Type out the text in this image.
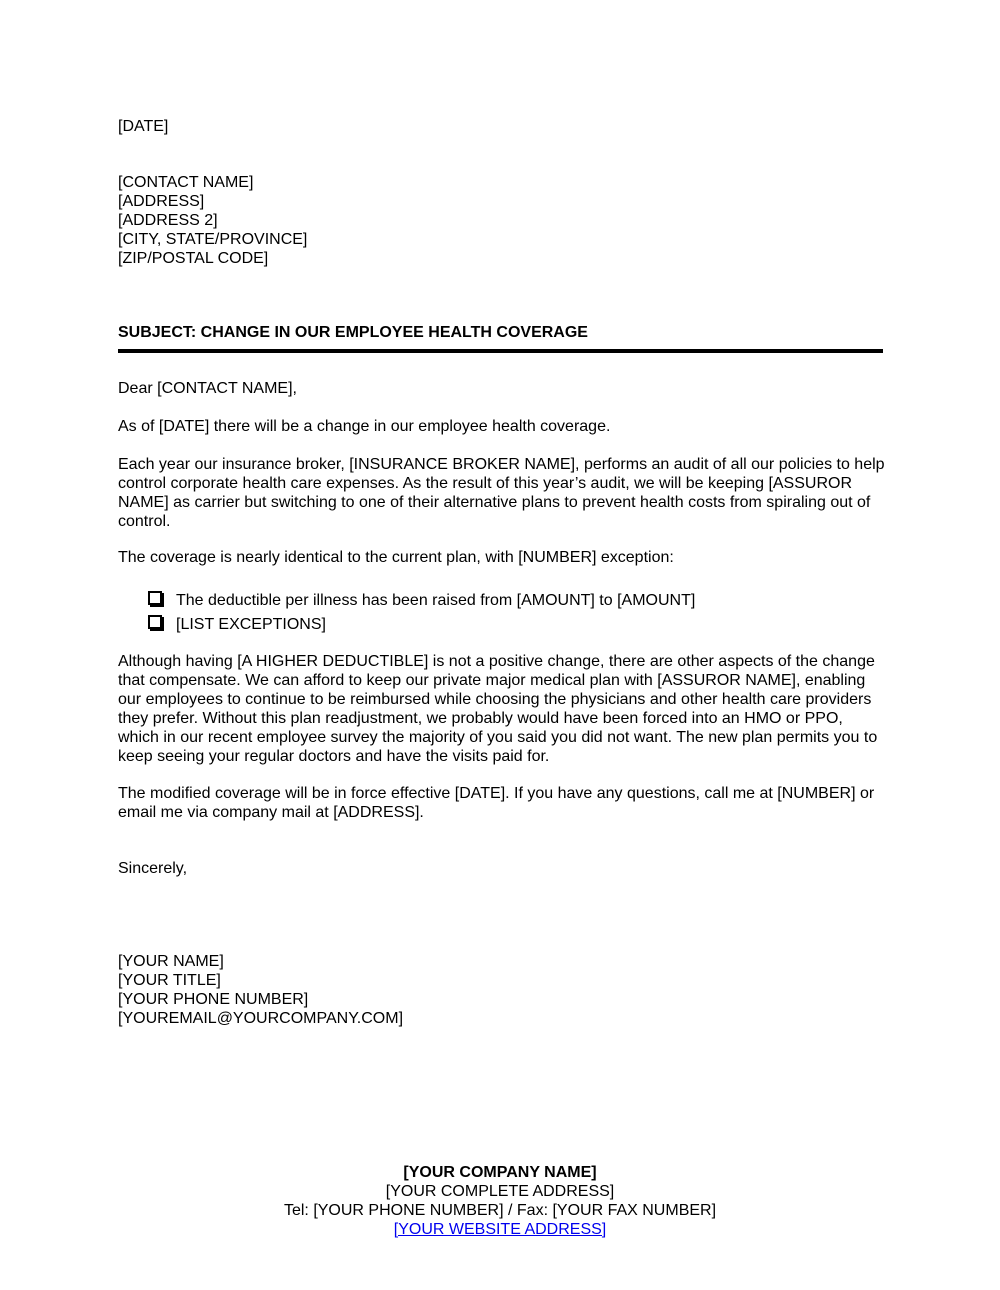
[DATE]
[CONTACT NAME]
[ADDRESS]
[ADDRESS 2]
[CITY, STATE/PROVINCE]
[ZIP/POSTAL CODE]
SUBJECT: CHANGE IN OUR EMPLOYEE HEALTH COVERAGE
Dear [CONTACT NAME],
As of [DATE] there will be a change in our employee health coverage.
Each year our insurance broker, [INSURANCE BROKER NAME], performs an audit of all our policies to help control corporate health care expenses. As the result of this year’s audit, we will be keeping [ASSUROR NAME] as carrier but switching to one of their alternative plans to prevent health costs from spiraling out of control.
The coverage is nearly identical to the current plan, with [NUMBER] exception:
The deductible per illness has been raised from [AMOUNT] to [AMOUNT]
[LIST EXCEPTIONS]
Although having [A HIGHER DEDUCTIBLE] is not a positive change, there are other aspects of the change that compensate. We can afford to keep our private major medical plan with [ASSUROR NAME], enabling our employees to continue to be reimbursed while choosing the physicians and other health care providers they prefer. Without this plan readjustment, we probably would have been forced into an HMO or PPO, which in our recent employee survey the majority of you said you did not want. The new plan permits you to keep seeing your regular doctors and have the visits paid for.
The modified coverage will be in force effective [DATE]. If you have any questions, call me at [NUMBER] or email me via company mail at [ADDRESS].
Sincerely,
[YOUR NAME]
[YOUR TITLE]
[YOUR PHONE NUMBER]
[YOUREMAIL@YOURCOMPANY.COM]
[YOUR COMPANY NAME]
[YOUR COMPLETE ADDRESS]
Tel: [YOUR PHONE NUMBER] / Fax: [YOUR FAX NUMBER]
[YOUR WEBSITE ADDRESS]
